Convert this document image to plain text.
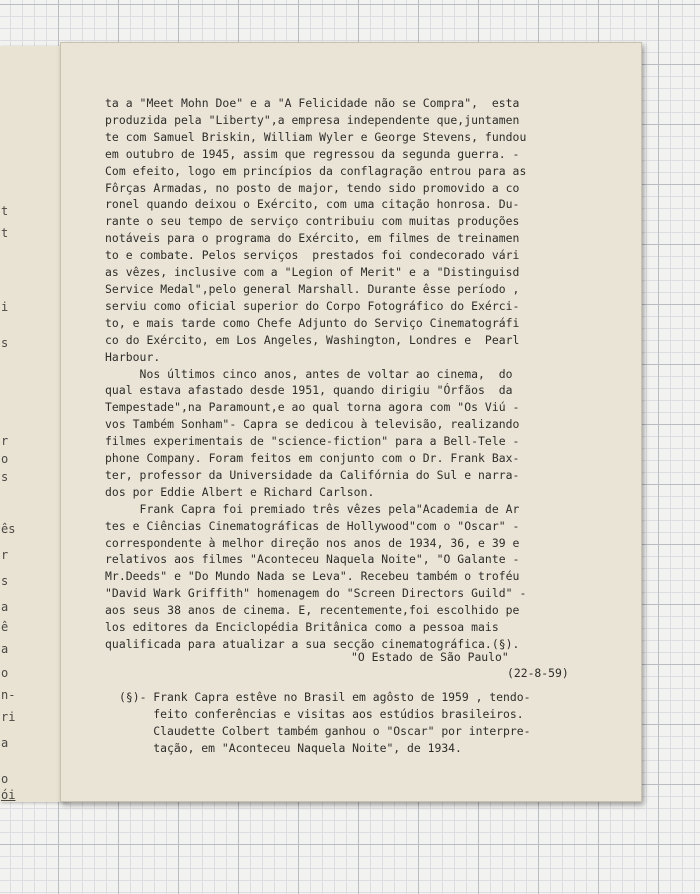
t
t
i
s
r
o
s
ês
r
s
a
ê
a
o
n-
ri
a
o
ói
ta a "Meet Mohn Doe" e a "A Felicidade não se Compra",  esta
produzida pela "Liberty",a empresa independente que,juntamen
te com Samuel Briskin, William Wyler e George Stevens, fundou
em outubro de 1945, assim que regressou da segunda guerra. -
Com efeito, logo em princípios da conflagração entrou para as
Fôrças Armadas, no posto de major, tendo sido promovido a co
ronel quando deixou o Exército, com uma citação honrosa. Du-
rante o seu tempo de serviço contribuiu com muitas produções
notáveis para o programa do Exército, em filmes de treinamen
to e combate. Pelos serviços  prestados foi condecorado vári
as vêzes, inclusive com a "Legion of Merit" e a "Distinguisd
Service Medal",pelo general Marshall. Durante êsse período ,
serviu como oficial superior do Corpo Fotográfico do Exérci-
to, e mais tarde como Chefe Adjunto do Serviço Cinematográfi
co do Exército, em Los Angeles, Washington, Londres e  Pearl
Harbour.
Nos últimos cinco anos, antes de voltar ao cinema,  do
qual estava afastado desde 1951, quando dirigiu "Órfãos  da
Tempestade",na Paramount,e ao qual torna agora com "Os Viú -
vos Também Sonham"- Capra se dedicou à televisão, realizando
filmes experimentais de "science-fiction" para a Bell-Tele -
phone Company. Foram feitos em conjunto com o Dr. Frank Bax-
ter, professor da Universidade da Califórnia do Sul e narra-
dos por Eddie Albert e Richard Carlson.
Frank Capra foi premiado três vêzes pela"Academia de Ar
tes e Ciências Cinematográficas de Hollywood"com o "Oscar" -
correspondente à melhor direção nos anos de 1934, 36, e 39 e
relativos aos filmes "Aconteceu Naquela Noite", "O Galante -
Mr.Deeds" e "Do Mundo Nada se Leva". Recebeu também o troféu
"David Wark Griffith" homenagem do "Screen Directors Guild" -
aos seus 38 anos de cinema. E, recentemente,foi escolhido pe
los editores da Enciclopédia Britânica como a pessoa mais
qualificada para atualizar a sua secção cinematográfica.(§).
"O Estado de São Paulo"
(22-8-59)
(§)- Frank Capra estêve no Brasil em agôsto de 1959 , tendo-
feito conferências e visitas aos estúdios brasileiros.
Claudette Colbert também ganhou o "Oscar" por interpre-
tação, em "Aconteceu Naquela Noite", de 1934.
